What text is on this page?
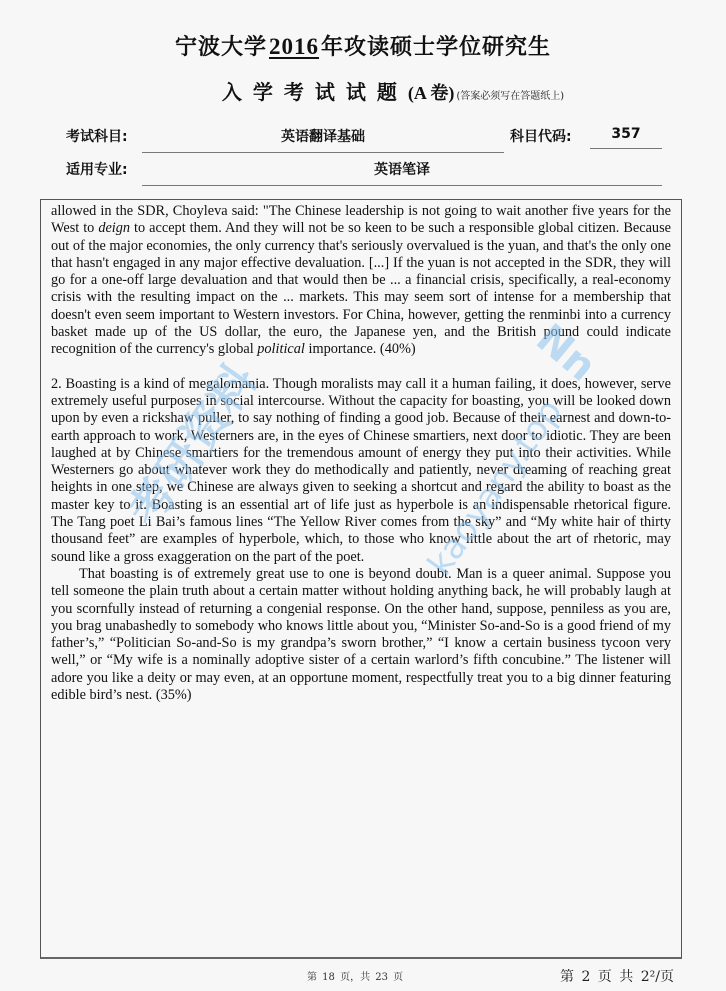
宁波大学2016年攻读硕士学位研究生
入学考试试题(A 卷) (答案必须写在答题纸上)
考试科目:	英语翻译基础	科目代码:	357
适用专业:	英语笔译

allowed in the SDR, Choyleva said: "The Chinese leadership is not going to wait another five years for the West to deign to accept them. And they will not be so keen to be such a responsible global citizen. Because out of the major economies, the only currency that's seriously overvalued is the yuan, and that's the only one that hasn't engaged in any major effective devaluation. [...] If the yuan is not accepted in the SDR, they will go for a one-off large devaluation and that would then be ... a financial crisis, specifically, a real-economy crisis with the resulting impact on the ... markets. This may seem sort of intense for a membership that doesn't even seem important to Western investors. For China, however, getting the renminbi into a currency basket made up of the US dollar, the euro, the Japanese yen, and the British pound could indicate recognition of the currency's global political importance. (40%)

2. Boasting is a kind of megalomania. Though moralists may call it a human failing, it does, however, serve extremely useful purposes in social intercourse. Without the capacity for boasting, you will be looked down upon by even a rickshaw puller, to say nothing of finding a good job. Because of their earnest and down-to-earth approach to work, Westerners are, in the eyes of Chinese smartiers, next door to idiotic. They are been laughed at by Chinese smartiers for the tremendous amount of energy they put into their activities. While Westerners go about whatever work they do methodically and patiently, never dreaming of reaching great heights in one step, we Chinese are always given to seeking a shortcut and regard the ability to boast as the master key to it. Boasting is an essential art of life just as hyperbole is an indispensable rhetorical figure. The Tang poet Li Bai’s famous lines “The Yellow River comes from the sky” and “My white hair of thirty thousand feet” are examples of hyperbole, which, to those who know little about the art of rhetoric, may sound like a gross exaggeration on the part of the poet.

That boasting is of extremely great use to one is beyond doubt. Man is a queer animal. Suppose you tell someone the plain truth about a certain matter without holding anything back, he will probably laugh at you scornfully instead of returning a congenial response. On the other hand, suppose, penniless as you are, you brag unabashedly to somebody who knows little about you, “Minister So-and-So is a good friend of my father’s,” “Politician So-and-So is my grandpa’s sworn brother,” “I know a certain business tycoon very well,” or “My wife is a nominally adoptive sister of a certain warlord’s fifth concubine.” The listener will adore you like a deity or may even, at an opportune moment, respectfully treat you to a big dinner featuring edible bird’s nest. (35%)

考研资料	kaoyany.top
Nn
第 18 页，共 23 页	第 2 页 共 2²/页
